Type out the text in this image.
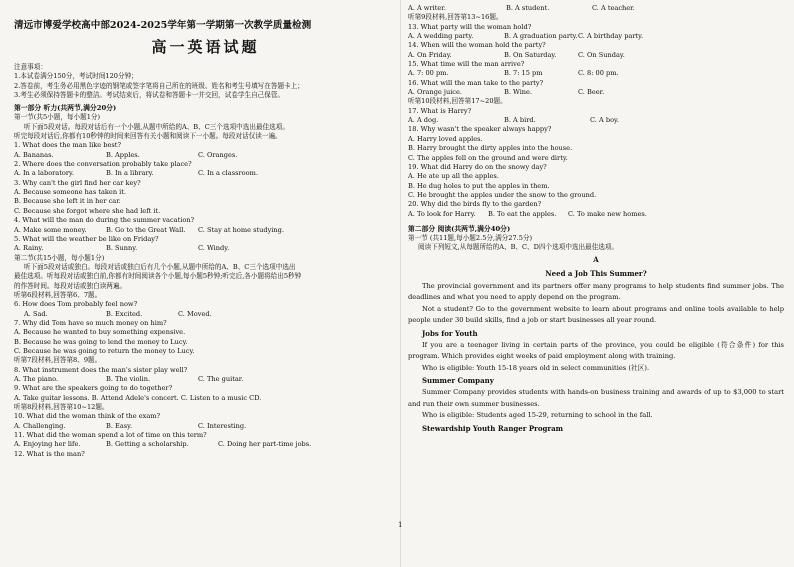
清远市博爱学校高中部2024-2025学年第一学期第一次教学质量检测
高一英语试题
注意事项：
1.本试卷满分150分，考试时间120分钟；
2.答卷前，考生务必用黑色字迹的钢笔或签字笔将自己所在的班级、姓名和考生号填写在答题卡上；
3.考生必须保持答题卡的整洁。考试结束后，将试卷和答题卡一并交回，试卷学生自己保管。
第一部分 听力(共两节,满分20分)
第一节(共5小题，每小题1分)
听下面5段对话。每段对话后有一个小题,从题中所给的A、B、C三个选项中选出最佳选项。
听完每段对话后,你都有10秒钟的时间来回答有关小题和阅读下一小题。每段对话仅读一遍。
1. What does the man like best?
A. Bananas.	B. Apples.	C. Oranges.
2. Where does the conversation probably take place?
A. In a laboratory.	B. In a library.	C. In a classroom.
3. Why can't the girl find her car key?
A. Because someone has taken it.
B. Because she left it in her car.
C. Because she forgot where she had left it.
4. What will the man do during the summer vacation?
A. Make some money.	B. Go to the Great Wall.	C. Stay at home studying.
5. What will the weather be like on Friday?
A. Rainy.	B. Sunny.	C. Windy.
第二节(共15小题，每小题1分)
听下面5段对话或独白。每段对话或独白后有几个小题,从题中所给的A、B、C三个选项中选出
最佳选项。听每段对话或独白前,你都有时间阅读各个小题,每小题5秒钟;听完后,各小题将给出5秒钟
的作答时间。每段对话或独白读两遍。
听第6段材料,回答第6、7题。
6. How does Tom probably feel now?
A. Sad.	B. Excited.	C. Moved.
7. Why did Tom have so much money on him?
A. Because he wanted to buy something expensive.
B. Because he was going to lend the money to Lucy.
C. Because he was going to return the money to Lucy.
听第7段材料,回答第8、9题。
8. What instrument does the man's sister play well?
A. The piano.	B. The violin.	C. The guitar.
9. What are the speakers going to do together?
A. Take guitar lessons. B. Attend Adele's concert. C. Listen to a music CD.
听第8段材料,回答第10~12题。
10. What did the woman think of the exam?
A. Challenging.	B. Easy.	C. Interesting.
11. What did the woman spend a lot of time on this term?
A. Enjoying her life.	B. Getting a scholarship.	C. Doing her part-time jobs.
12. What is the man?
A. A writer.	B. A student.	C. A teacher.
听第9段材料,回答第13~16题。
13. What party will the woman hold?
A. A wedding party.	B. A graduation party. C. A birthday party.
14. When will the woman hold the party?
A. On Friday.	B. On Saturday.	C. On Sunday.
15. What time will the man arrive?
A. 7: 00 pm.	B. 7: 15 pm	C. 8: 00 pm.
16. What will the man take to the party?
A. Orange juice.	B. Wine.	C. Beer.
听第10段材料,回答第17~20题。
17. What is Harry?
A. A dog.	B. A bird.	C. A boy.
18. Why wasn't the speaker always happy?
A. Harry loved apples.
B. Harry brought the dirty apples into the house.
C. The apples fell on the ground and were dirty.
19. What did Harry do on the snowy day?
A. He ate up all the apples.
B. He dug holes to put the apples in them.
C. He brought the apples under the snow to the ground.
20. Why did the birds fly to the garden?
A. To look for Harry.	B. To eat the apples.	C. To make new homes.
第二部分 阅读(共两节,满分40分)
第一节 (共11题,每小题2.5分,满分27.5分)
阅读下列短文,从每题所给的A、B、C、D四个选项中选出最佳选项。
A
Need a Job This Summer?
The provincial government and its partners offer many programs to help students find summer jobs. The deadlines and what you need to apply depend on the program.
Not a student? Go to the government website to learn about programs and online tools available to help people under 30 build skills, find a job or start businesses all year round.
Jobs for Youth
If you are a teenager living in certain parts of the province, you could be eligible (符合条件) for this program. Which provides eight weeks of paid employment along with training.
Who is eligible: Youth 15-18 years old in select communities (社区).
Summer Company
Summer Company provides students with hands-on business training and awards of up to $3,000 to start and run their own summer businesses.
Who is eligible: Students aged 15-29, returning to school in the fall.
Stewardship Youth Ranger Program
1
